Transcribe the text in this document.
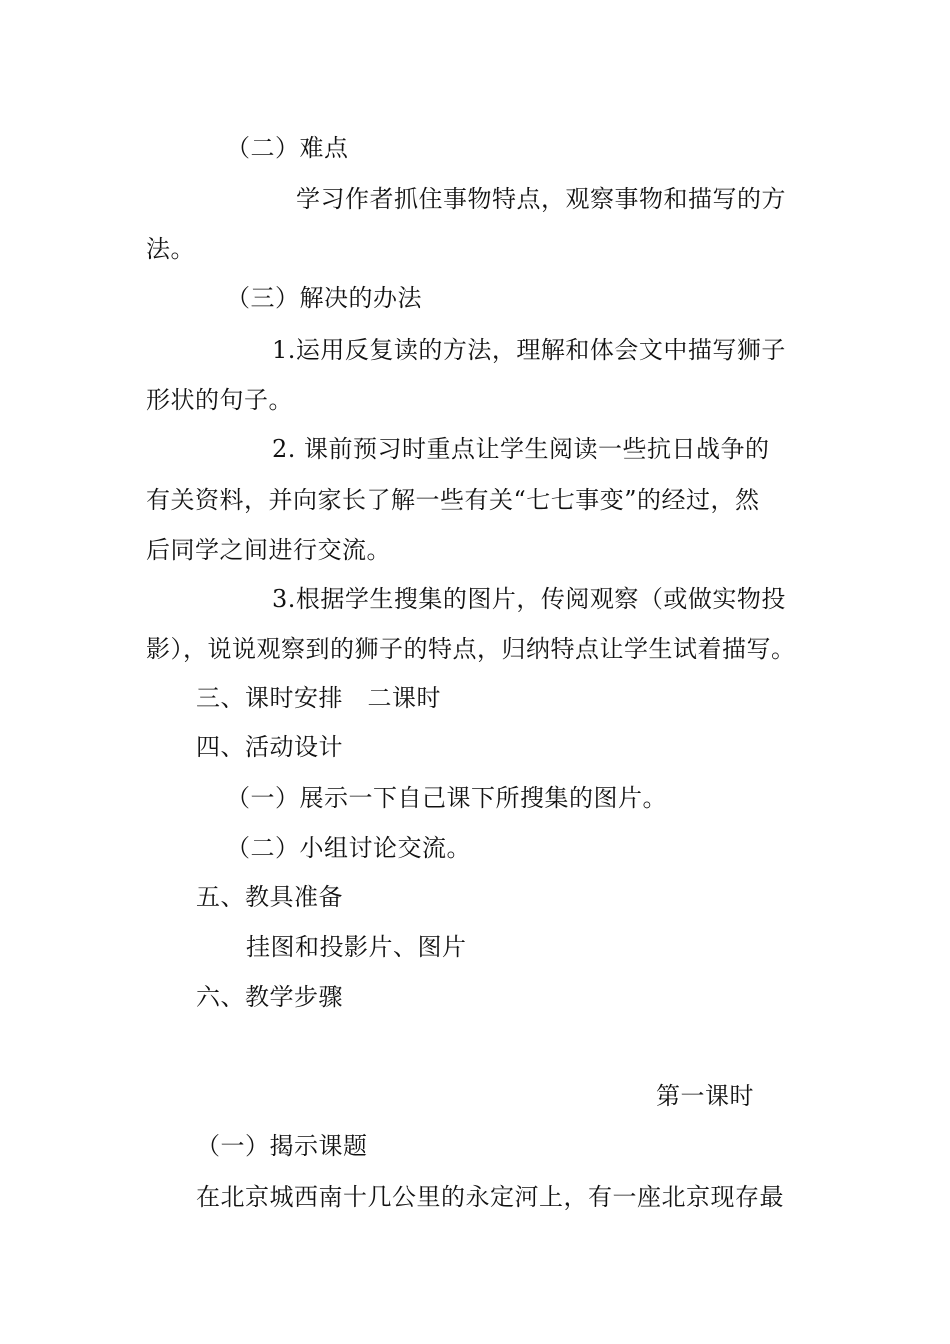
（二）难点
学习作者抓住事物特点，观察事物和描写的方
法。
（三）解决的办法
1.运用反复读的方法，理解和体会文中描写狮子
形状的句子。
2. 课前预习时重点让学生阅读一些抗日战争的
有关资料，并向家长了解一些有关“七七事变”的经过，然
后同学之间进行交流。
3.根据学生搜集的图片，传阅观察（或做实物投
影），说说观察到的狮子的特点，归纳特点让学生试着描写。
三、课时安排　二课时
四、活动设计
（一）展示一下自己课下所搜集的图片。
（二）小组讨论交流。
五、教具准备
挂图和投影片、图片
六、教学步骤
第一课时
（一）揭示课题
在北京城西南十几公里的永定河上，有一座北京现存最
